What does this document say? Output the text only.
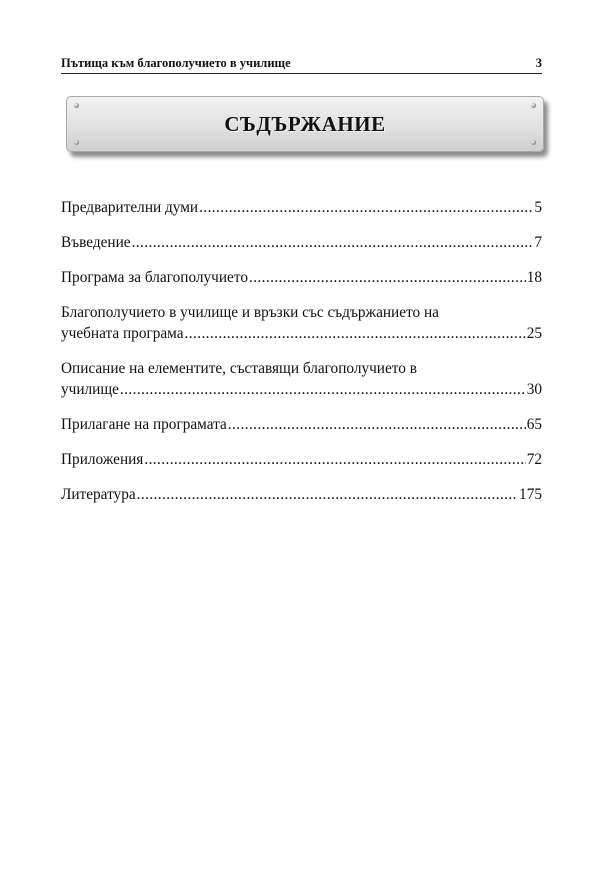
Пътища към благополучието в училище	3
СЪДЪРЖАНИЕ
Предварителни думи .....	5
Въведение .....	7
Програма за благополучието .....	18
Благополучието в училище и връзки със съдържанието на
учебната програма .....	25
Описание на елементите, съставящи благополучието в
училище .....	30
Прилагане на програмата .....	65
Приложения .....	72
Литература .....	175
